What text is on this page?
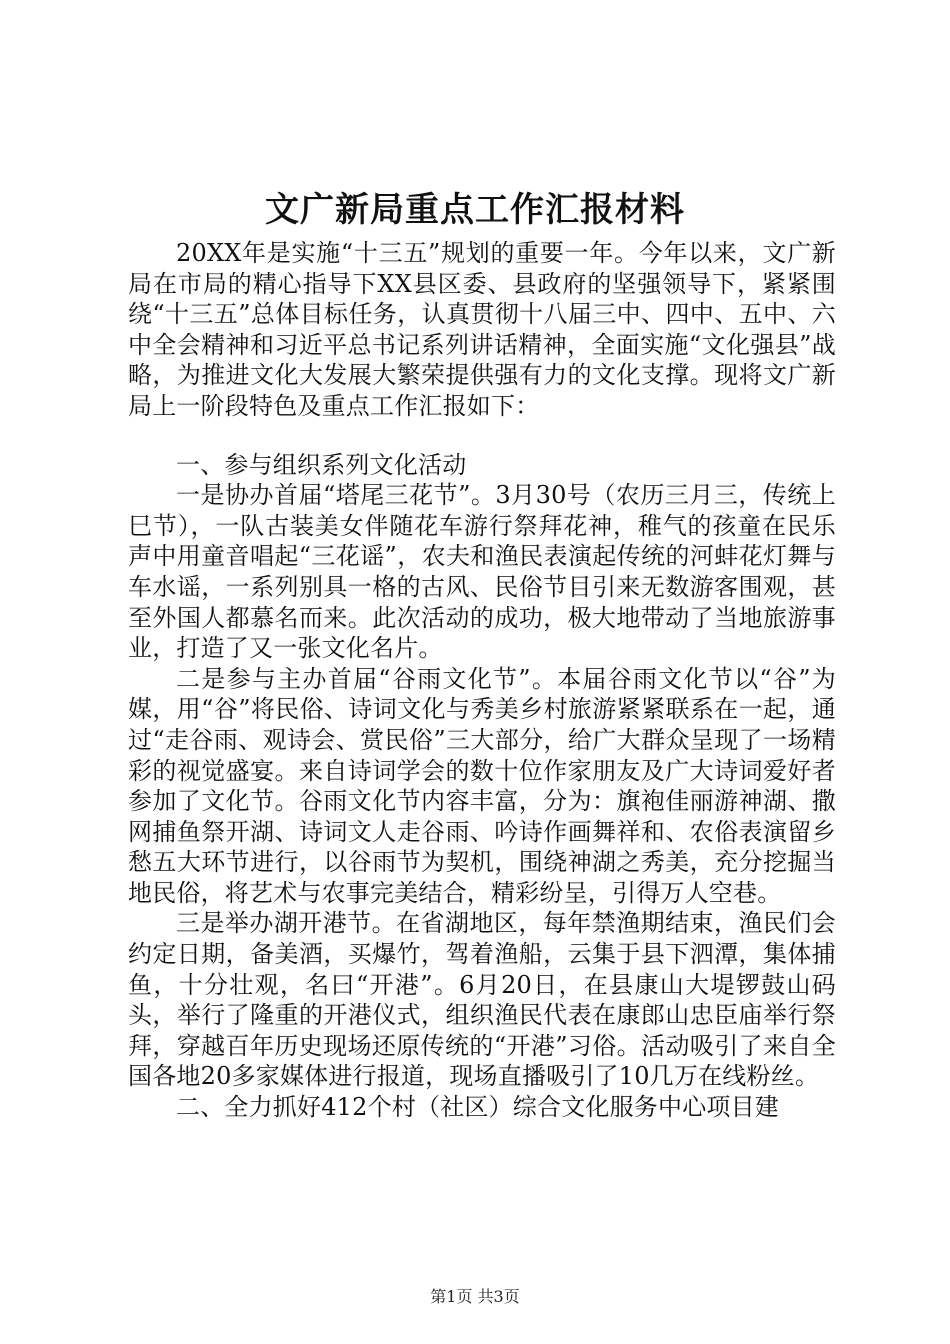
文广新局重点工作汇报材料

20XX年是实施“十三五”规划的重要一年。今年以来，文广新局在市局的精心指导下XX县区委、县政府的坚强领导下，紧紧围绕“十三五”总体目标任务，认真贯彻十八届三中、四中、五中、六中全会精神和习近平总书记系列讲话精神，全面实施“文化强县”战略，为推进文化大发展大繁荣提供强有力的文化支撑。现将文广新局上一阶段特色及重点工作汇报如下：

一、参与组织系列文化活动

一是协办首届“塔尾三花节”。3月30号（农历三月三，传统上巳节），一队古装美女伴随花车游行祭拜花神，稚气的孩童在民乐声中用童音唱起“三花谣”，农夫和渔民表演起传统的河蚌花灯舞与车水谣，一系列别具一格的古风、民俗节目引来无数游客围观，甚至外国人都慕名而来。此次活动的成功，极大地带动了当地旅游事业，打造了又一张文化名片。

二是参与主办首届“谷雨文化节”。本届谷雨文化节以“谷”为媒，用“谷”将民俗、诗词文化与秀美乡村旅游紧紧联系在一起，通过“走谷雨、观诗会、赏民俗”三大部分，给广大群众呈现了一场精彩的视觉盛宴。来自诗词学会的数十位作家朋友及广大诗词爱好者参加了文化节。谷雨文化节内容丰富，分为：旗袍佳丽游神湖、撒网捕鱼祭开湖、诗词文人走谷雨、吟诗作画舞祥和、农俗表演留乡愁五大环节进行，以谷雨节为契机，围绕神湖之秀美，充分挖掘当地民俗，将艺术与农事完美结合，精彩纷呈，引得万人空巷。

三是举办湖开港节。在省湖地区，每年禁渔期结束，渔民们会约定日期，备美酒，买爆竹，驾着渔船，云集于县下泗潭，集体捕鱼，十分壮观，名曰“开港”。6月20日，在县康山大堤锣鼓山码头，举行了隆重的开港仪式，组织渔民代表在康郎山忠臣庙举行祭拜，穿越百年历史现场还原传统的“开港”习俗。活动吸引了来自全国各地20多家媒体进行报道，现场直播吸引了10几万在线粉丝。

二、全力抓好412个村（社区）综合文化服务中心项目建

第1页 共3页
